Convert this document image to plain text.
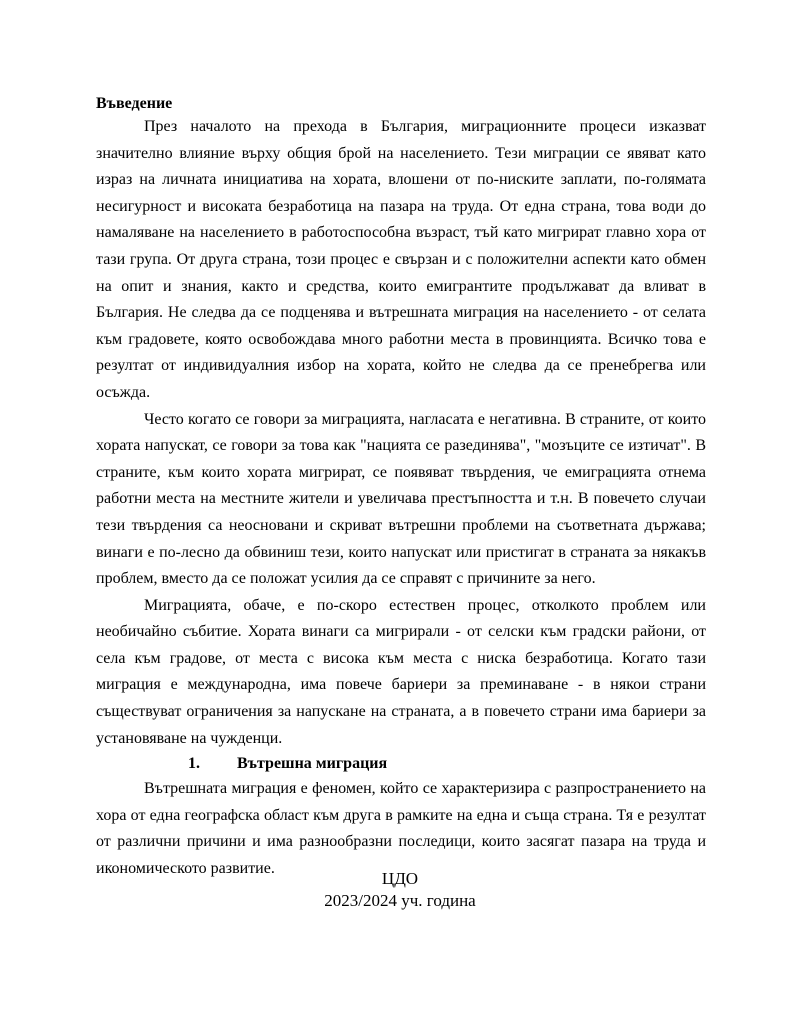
Въведение

През началото на прехода в България, миграционните процеси изказват значително влияние върху общия брой на населението. Тези миграции се явяват като израз на личната инициатива на хората, влошени от по-ниските заплати, по-голямата несигурност и високата безработица на пазара на труда. От една страна, това води до намаляване на населението в работоспособна възраст, тъй като мигрират главно хора от тази група. От друга страна, този процес е свързан и с положителни аспекти като обмен на опит и знания, както и средства, които емигрантите продължават да вливат в България. Не следва да се подценява и вътрешната миграция на населението - от селата към градовете, която освобождава много работни места в провинцията. Всичко това е резултат от индивидуалния избор на хората, който не следва да се пренебрегва или осъжда.

Често когато се говори за миграцията, нагласата е негативна. В страните, от които хората напускат, се говори за това как "нацията се разединява", "мозъците се изтичат". В страните, към които хората мигрират, се появяват твърдения, че емиграцията отнема работни места на местните жители и увеличава престъпността и т.н. В повечето случаи тези твърдения са неосновани и скриват вътрешни проблеми на съответната държава; винаги е по-лесно да обвиниш тези, които напускат или пристигат в страната за някакъв проблем, вместо да се положат усилия да се справят с причините за него.

Миграцията, обаче, е по-скоро естествен процес, отколкото проблем или необичайно събитие. Хората винаги са мигрирали - от селски към градски райони, от села към градове, от места с висока към места с ниска безработица. Когато тази миграция е международна, има повече бариери за преминаване - в някои страни съществуват ограничения за напускане на страната, а в повечето страни има бариери за установяване на чужденци.

1. Вътрешна миграция

Вътрешната миграция е феномен, който се характеризира с разпространението на хора от една географска област към друга в рамките на една и съща страна. Тя е резултат от различни причини и има разнообразни последици, които засягат пазара на труда и икономическото развитие.

ЦДО
2023/2024 уч. година
